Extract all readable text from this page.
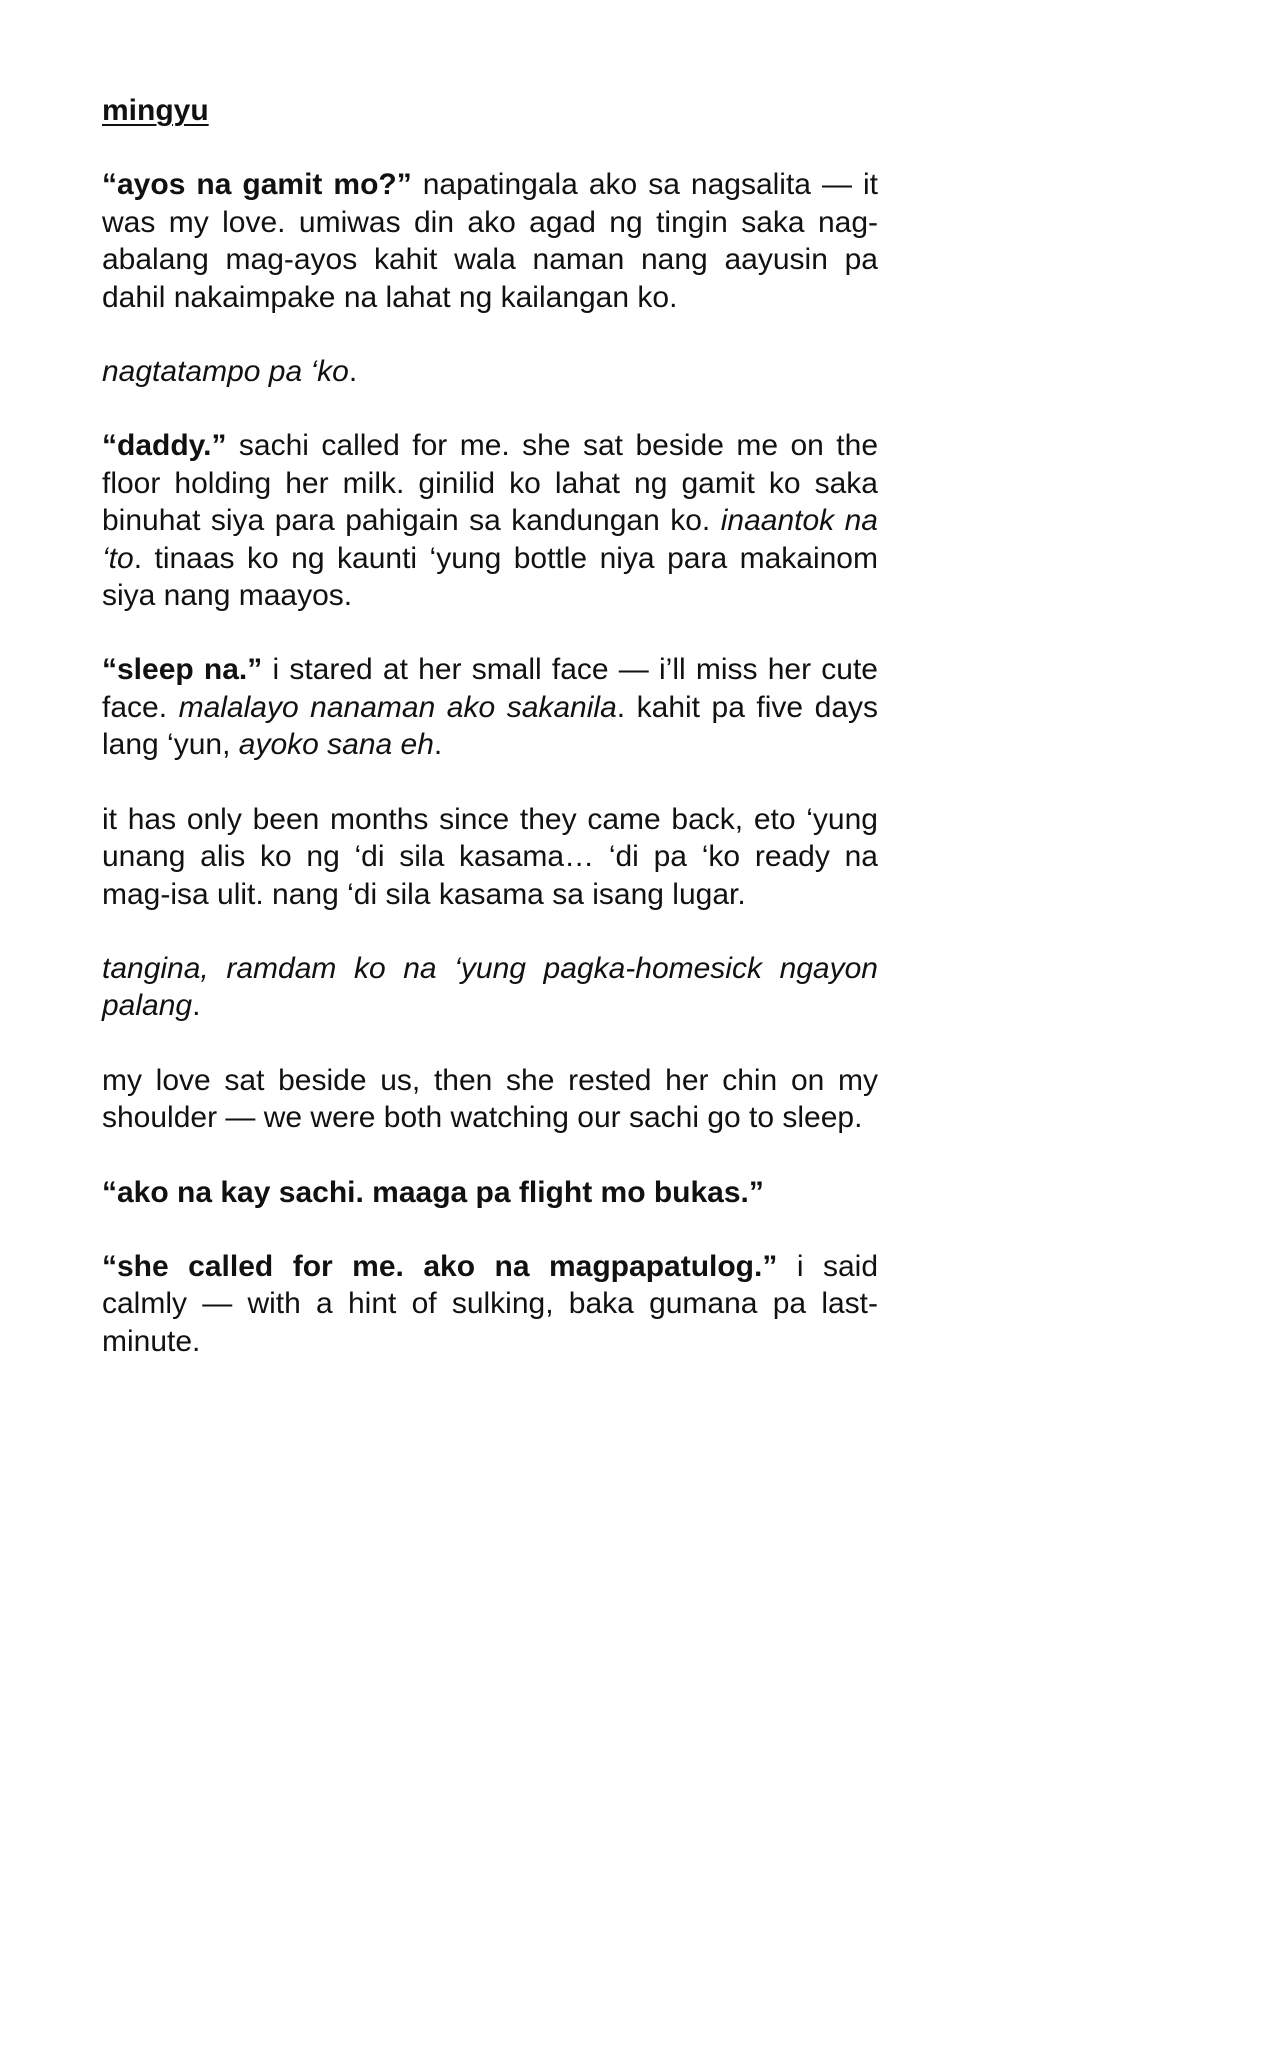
mingyu

“ayos na gamit mo?” napatingala ako sa nagsalita — it was my love. umiwas din ako agad ng tingin saka nag-abalang mag-ayos kahit wala naman nang aayusin pa dahil nakaimpake na lahat ng kailangan ko.

nagtatampo pa ‘ko.

“daddy.” sachi called for me. she sat beside me on the floor holding her milk. ginilid ko lahat ng gamit ko saka binuhat siya para pahigain sa kandungan ko. inaantok na ‘to. tinaas ko ng kaunti ‘yung bottle niya para makainom siya nang maayos.

“sleep na.” i stared at her small face — i’ll miss her cute face. malalayo nanaman ako sakanila. kahit pa five days lang ‘yun, ayoko sana eh.

it has only been months since they came back, eto ‘yung unang alis ko ng ‘di sila kasama… ‘di pa ‘ko ready na mag-isa ulit. nang ‘di sila kasama sa isang lugar.

tangina, ramdam ko na ‘yung pagka-homesick ngayon palang.

my love sat beside us, then she rested her chin on my shoulder — we were both watching our sachi go to sleep.

“ako na kay sachi. maaga pa flight mo bukas.”

“she called for me. ako na magpapatulog.” i said calmly — with a hint of sulking, baka gumana pa last-minute.
